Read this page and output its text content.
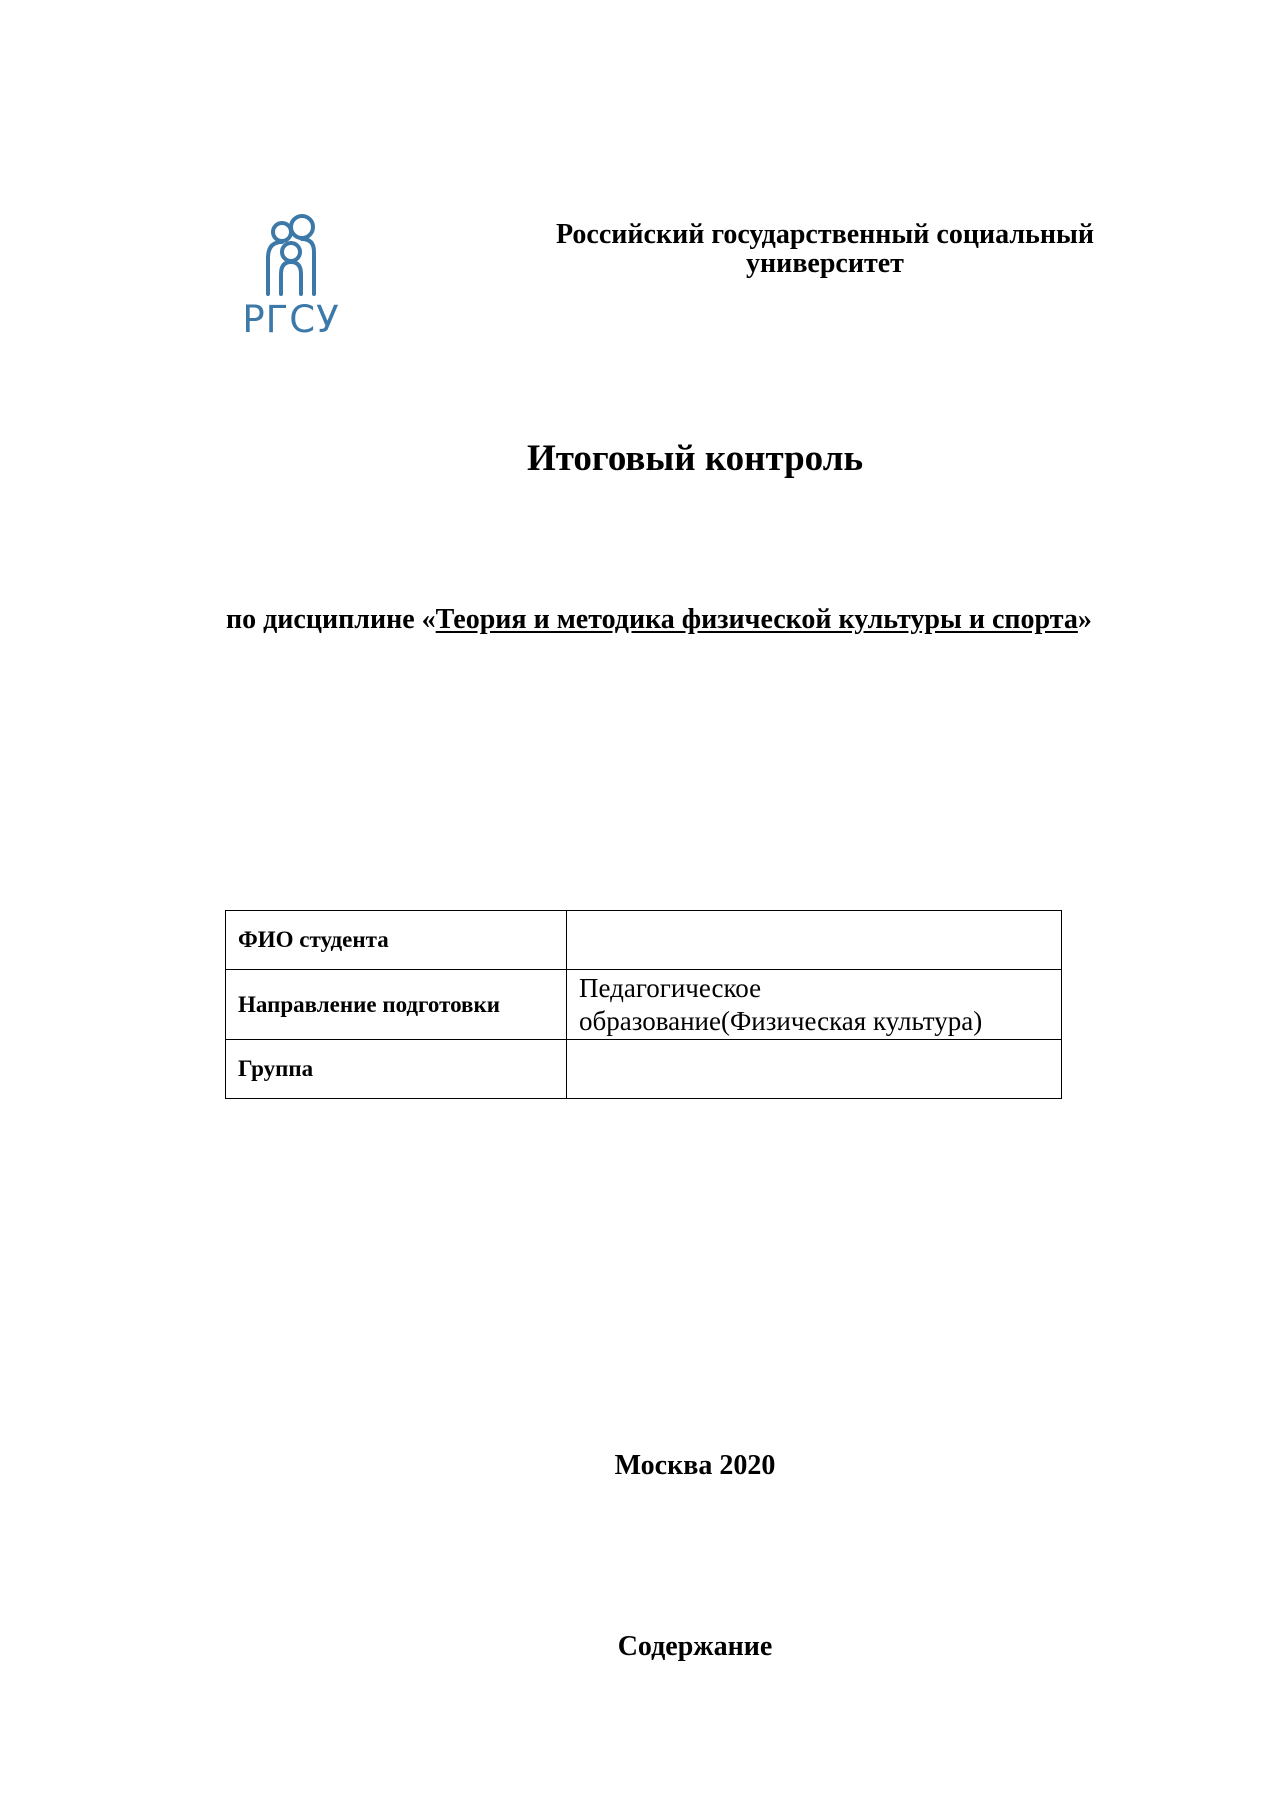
РГСУ
Российский государственный социальный
университет
Итоговый контроль
по дисциплине «Теория и методика физической культуры и спорта»
ФИО студента	
Направление подготовки	Педагогическое
образование(Физическая культура)

Группа	
Москва 2020
Содержание
